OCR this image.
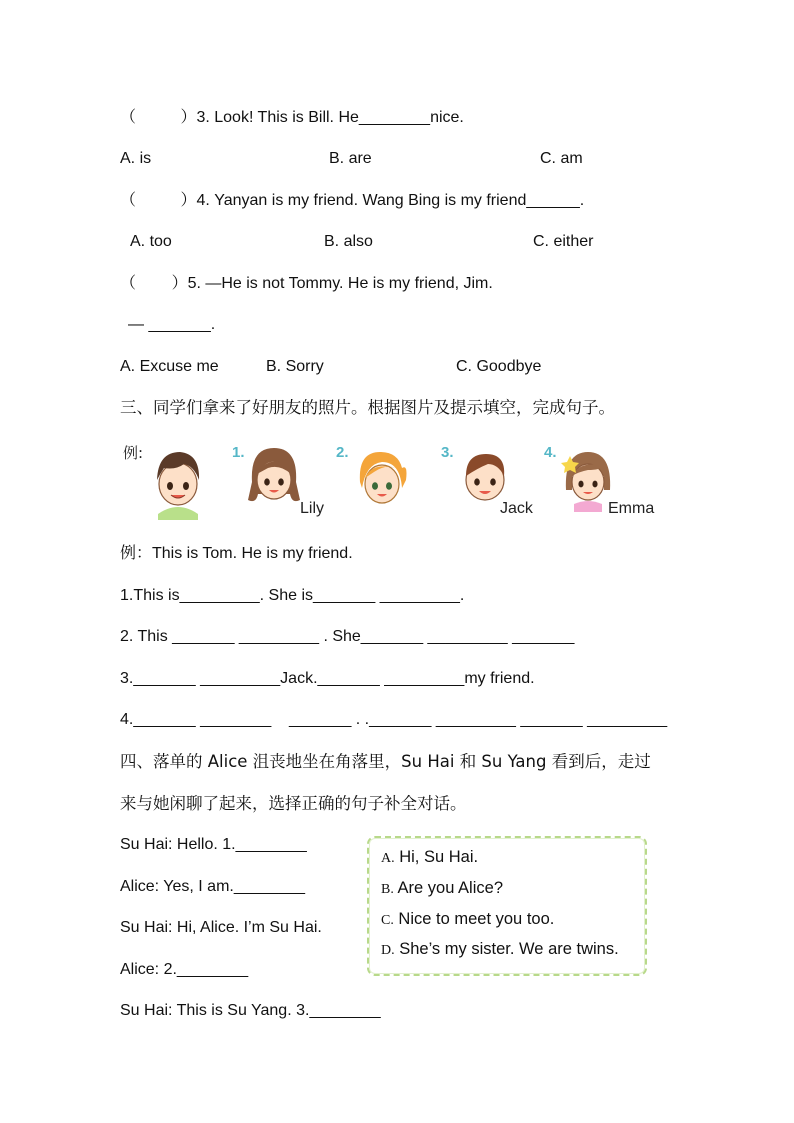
（          ）3. Look! This is Bill. He________nice.
A. is	B. are	C. am
（          ）4. Yanyan is my friend. Wang Bing is my friend______.
A. too	B. also	C. either
（        ）5. —He is not Tommy. He is my friend, Jim.
— _______.
A. Excuse me	B. Sorry	C. Goodbye
三、同学们拿来了好朋友的照片。根据图片及提示填空，完成句子。
例:	1.
Lily
2.	3.
Jack
4.
Emma
例：This is Tom. He is my friend.
1.This is_________. She is_______ _________.
2. This _______ _________ . She_______ _________ _______
3._______ _________Jack._______ _________my friend.
4._______ ________    _______ . ._______ _________ _______ _________
四、落单的 Alice 沮丧地坐在角落里，Su Hai 和 Su Yang 看到后，走过
来与她闲聊了起来，选择正确的句子补全对话。
Su Hai: Hello. 1.________
Alice: Yes, I am.________
Su Hai: Hi, Alice. I’m Su Hai.
Alice: 2.________
Su Hai: This is Su Yang. 3.________
A. Hi, Su Hai.
B. Are you Alice?
C. Nice to meet you too.
D. She’s my sister. We are twins.
